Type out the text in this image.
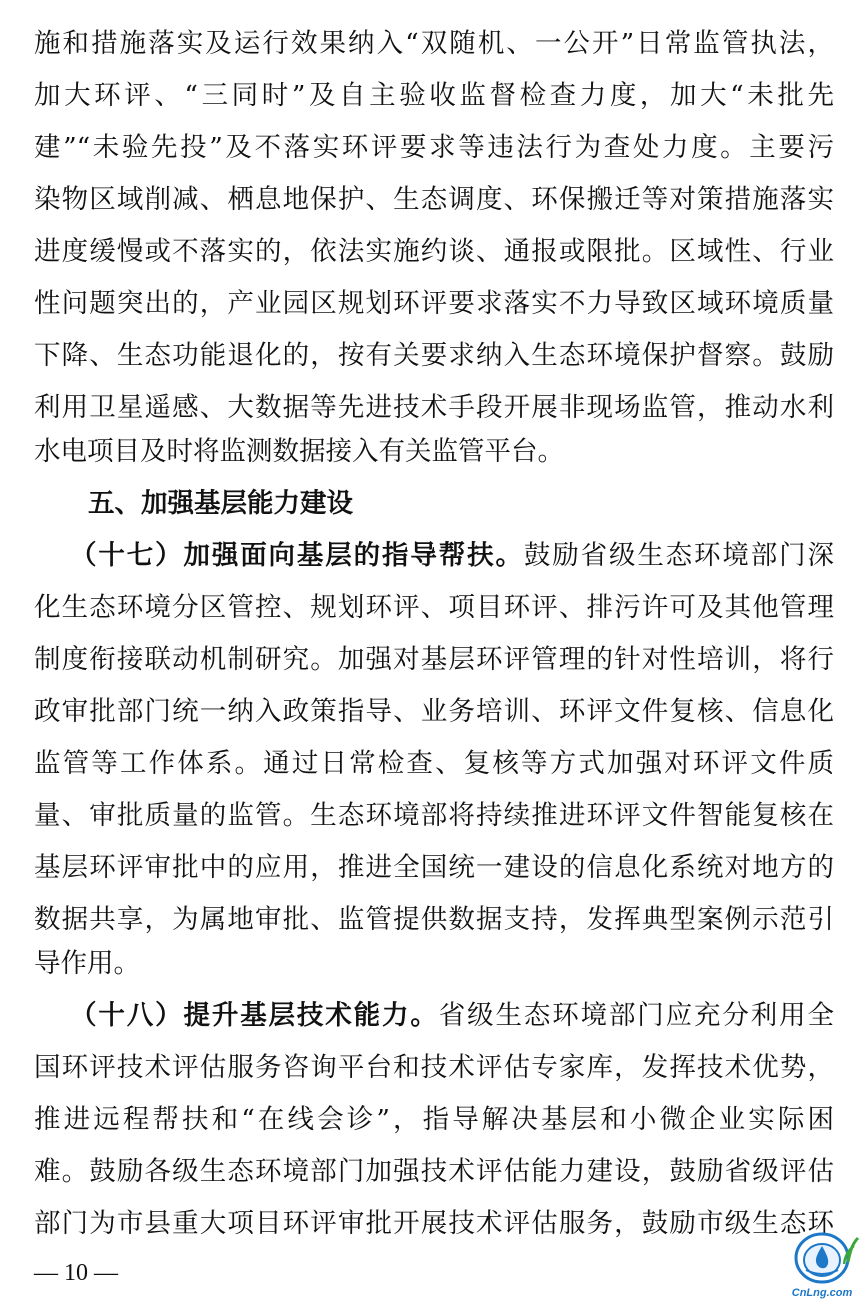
施和措施落实及运行效果纳入“双随机、一公开”日常监管执法，
加大环评、“三同时”及自主验收监督检查力度，加大“未批先
建”“未验先投”及不落实环评要求等违法行为查处力度。主要污
染物区域削减、栖息地保护、生态调度、环保搬迁等对策措施落实
进度缓慢或不落实的，依法实施约谈、通报或限批。区域性、行业
性问题突出的，产业园区规划环评要求落实不力导致区域环境质量
下降、生态功能退化的，按有关要求纳入生态环境保护督察。鼓励
利用卫星遥感、大数据等先进技术手段开展非现场监管，推动水利
水电项目及时将监测数据接入有关监管平台。
五、加强基层能力建设
（十七）加强面向基层的指导帮扶。鼓励省级生态环境部门深
化生态环境分区管控、规划环评、项目环评、排污许可及其他管理
制度衔接联动机制研究。加强对基层环评管理的针对性培训，将行
政审批部门统一纳入政策指导、业务培训、环评文件复核、信息化
监管等工作体系。通过日常检查、复核等方式加强对环评文件质
量、审批质量的监管。生态环境部将持续推进环评文件智能复核在
基层环评审批中的应用，推进全国统一建设的信息化系统对地方的
数据共享，为属地审批、监管提供数据支持，发挥典型案例示范引
导作用。
（十八）提升基层技术能力。省级生态环境部门应充分利用全
国环评技术评估服务咨询平台和技术评估专家库，发挥技术优势，
推进远程帮扶和“在线会诊”，指导解决基层和小微企业实际困
难。鼓励各级生态环境部门加强技术评估能力建设，鼓励省级评估
部门为市县重大项目环评审批开展技术评估服务，鼓励市级生态环
— 10 —
CnLng.com
